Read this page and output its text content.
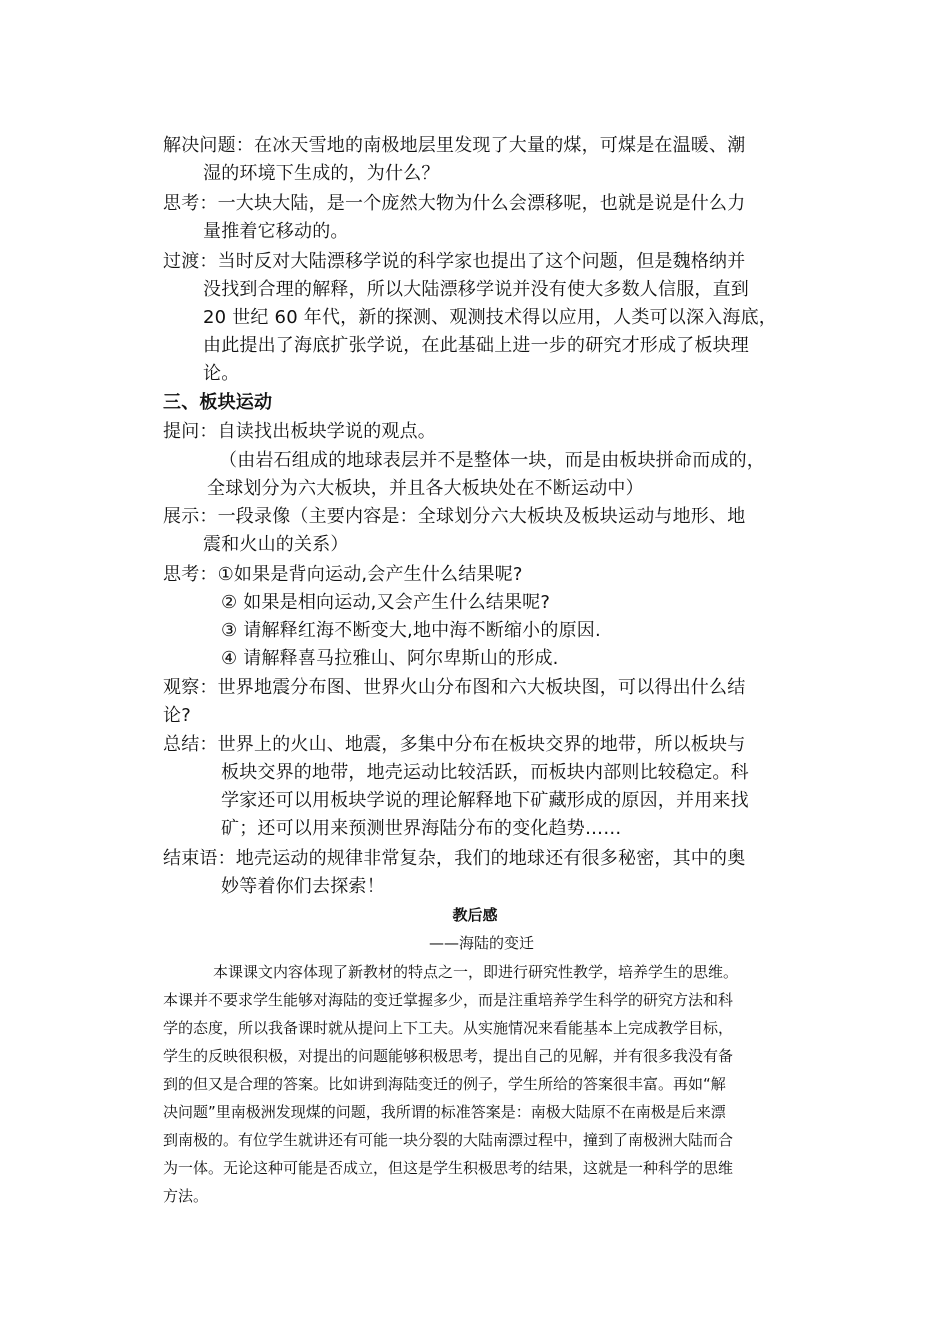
解决问题：在冰天雪地的南极地层里发现了大量的煤，可煤是在温暖、潮
湿的环境下生成的，为什么？
思考：一大块大陆，是一个庞然大物为什么会漂移呢，也就是说是什么力
量推着它移动的。
过渡：当时反对大陆漂移学说的科学家也提出了这个问题，但是魏格纳并
没找到合理的解释，所以大陆漂移学说并没有使大多数人信服，直到
20 世纪 60 年代，新的探测、观测技术得以应用，人类可以深入海底，
由此提出了海底扩张学说，在此基础上进一步的研究才形成了板块理
论。
三、板块运动
提问：自读找出板块学说的观点。
（由岩石组成的地球表层并不是整体一块，而是由板块拼命而成的，
全球划分为六大板块，并且各大板块处在不断运动中）
展示：一段录像（主要内容是：全球划分六大板块及板块运动与地形、地
震和火山的关系）
思考：①如果是背向运动,会产生什么结果呢?
② 如果是相向运动,又会产生什么结果呢?
③ 请解释红海不断变大,地中海不断缩小的原因.
④ 请解释喜马拉雅山、阿尔卑斯山的形成.
观察：世界地震分布图、世界火山分布图和六大板块图，可以得出什么结
论?
总结：世界上的火山、地震，多集中分布在板块交界的地带，所以板块与
板块交界的地带，地壳运动比较活跃，而板块内部则比较稳定。科
学家还可以用板块学说的理论解释地下矿藏形成的原因，并用来找
矿；还可以用来预测世界海陆分布的变化趋势……
结束语：地壳运动的规律非常复杂，我们的地球还有很多秘密，其中的奥
妙等着你们去探索！
教后感
——海陆的变迁
本课课文内容体现了新教材的特点之一，即进行研究性教学，培养学生的思维。
本课并不要求学生能够对海陆的变迁掌握多少，而是注重培养学生科学的研究方法和科
学的态度，所以我备课时就从提问上下工夫。从实施情况来看能基本上完成教学目标，
学生的反映很积极，对提出的问题能够积极思考，提出自己的见解，并有很多我没有备
到的但又是合理的答案。比如讲到海陆变迁的例子，学生所给的答案很丰富。再如“解
决问题”里南极洲发现煤的问题，我所谓的标准答案是：南极大陆原不在南极是后来漂
到南极的。有位学生就讲还有可能一块分裂的大陆南漂过程中，撞到了南极洲大陆而合
为一体。无论这种可能是否成立，但这是学生积极思考的结果，这就是一种科学的思维
方法。
